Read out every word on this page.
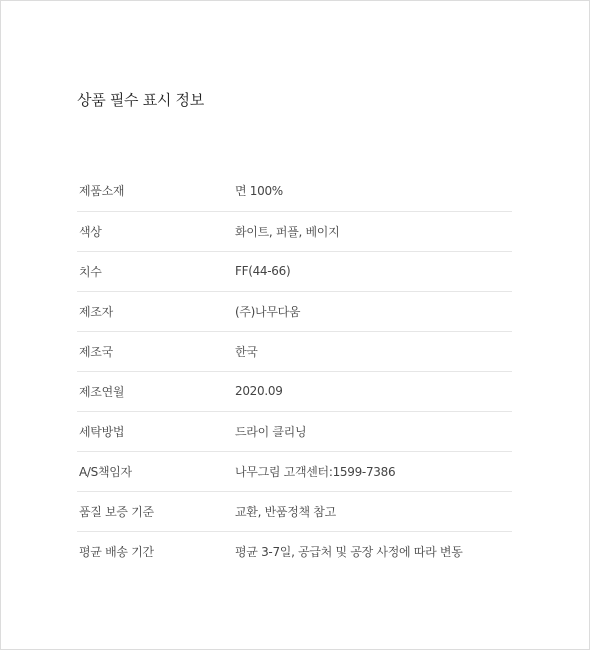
상품 필수 표시 정보
제품소재	면 100%
색상	화이트, 퍼플, 베이지
치수	FF(44-66)
제조자	(주)나무다움
제조국	한국
제조연월	2020.09
세탁방법	드라이 클리닝
A/S책임자	나무그림 고객센터:1599-7386
품질 보증 기준	교환, 반품정책 참고
평균 배송 기간	평균 3-7일, 공급처 및 공장 사정에 따라 변동
